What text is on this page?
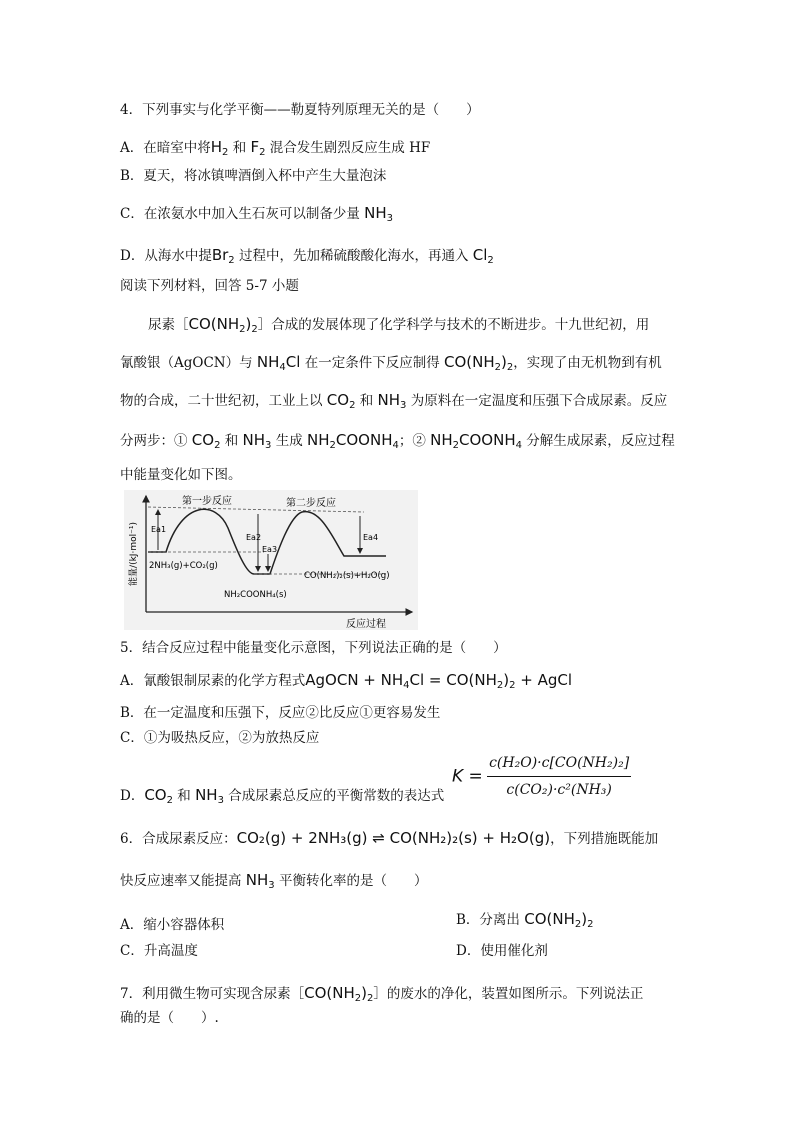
4．下列事实与化学平衡——勒夏特列原理无关的是（　　）
A．在暗室中将$H_2$ 和 $F_2$ 混合发生剧烈反应生成 HF
B．夏天，将冰镇啤酒倒入杯中产生大量泡沫
C．在浓氨水中加入生石灰可以制备少量 $NH_3$
D．从海水中提$Br_2$ 过程中，先加稀硫酸酸化海水，再通入 $Cl_2$
阅读下列材料，回答 5-7 小题
尿素$[CO(NH_2)_2]$合成的发展体现了化学科学与技术的不断进步。十九世纪初，用
氰酸银（AgOCN）与 $NH_4Cl$ 在一定条件下反应制得 $CO(NH_2)_2$，实现了由无机物到有机
物的合成，二十世纪初，工业上以 $CO_2$ 和 $NH_3$ 为原料在一定温度和压强下合成尿素。反应
分两步：① $CO_2$ 和 $NH_3$ 生成 $NH_2COONH_4$；② $NH_2COONH_4$ 分解生成尿素，反应过程
中能量变化如下图。
能量/(kJ·mol⁻¹)
反应过程
第一步反应	第二步反应
Ea1
Ea2
Ea3
Ea4
2NH₃(g)+CO₂(g)
NH₂COONH₄(s)
CO(NH₂)₂(s)+H₂O(g)
5．结合反应过程中能量变化示意图，下列说法正确的是（　　）
A．氰酸银制尿素的化学方程式AgOCN + $NH_4Cl = CO(NH_2)_2$ + AgCl
B．在一定温度和压强下，反应②比反应①更容易发生
C．①为吸热反应，②为放热反应
D．$CO_2$ 和 $NH_3$ 合成尿素总反应的平衡常数的表达式
$K = \frac{\text{c(H₂O)·c[CO(NH₂)₂]}}{\text{c(CO₂)·c²(NH₃)}}$
6．合成尿素反应：CO₂(g) + 2NH₃(g) ⇌ CO(NH₂)₂(s) + H₂O(g)，下列措施既能加
快反应速率又能提高 $NH_3$ 平衡转化率的是（　　）
A．缩小容器体积	B．分离出 $CO(NH_2)_2$
C．升高温度	D．使用催化剂
7．利用微生物可实现含尿素$[CO(NH_2)_2]$的废水的净化，装置如图所示。下列说法正
确的是（　　）.
